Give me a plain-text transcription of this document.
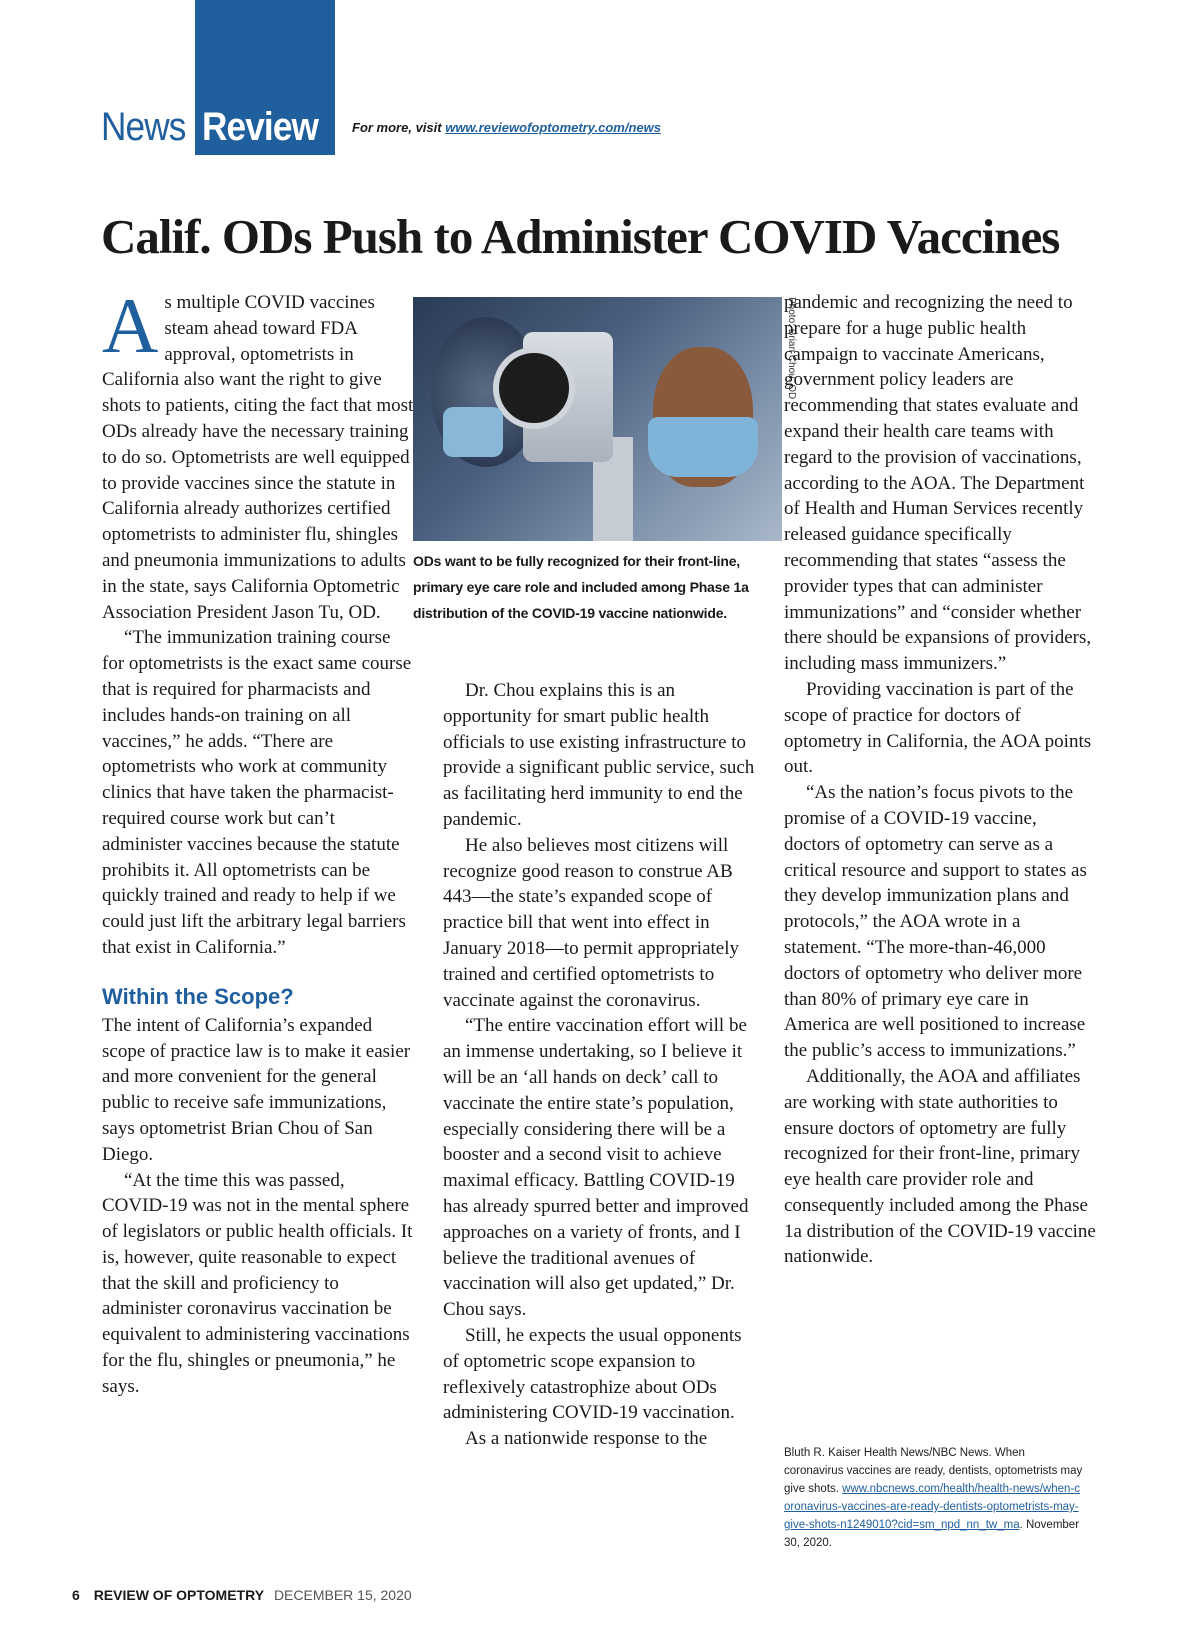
News Review	For more, visit www.reviewofoptometry.com/news
Calif. ODs Push to Administer COVID Vaccines

As multiple COVID vaccines steam ahead toward FDA approval, optometrists in California also want the right to give shots to patients, citing the fact that most ODs already have the necessary training to do so. Optometrists are well equipped to provide vaccines since the statute in California already authorizes certified optometrists to administer flu, shingles and pneumonia immunizations to adults in the state, says California Optometric Association President Jason Tu, OD.

“The immunization training course for optometrists is the exact same course that is required for pharmacists and includes hands-on training on all vaccines,” he adds. “There are optometrists who work at community clinics that have taken the pharmacist-required course work but can’t administer vaccines because the statute prohibits it. All optometrists can be quickly trained and ready to help if we could just lift the arbitrary legal barriers that exist in California.”

Within the Scope?

The intent of California’s expanded scope of practice law is to make it easier and more convenient for the general public to receive safe immunizations, says optometrist Brian Chou of San Diego.

“At the time this was passed, COVID-19 was not in the mental sphere of legislators or public health officials. It is, however, quite reasonable to expect that the skill and proficiency to administer coronavirus vaccination be equivalent to administering vaccinations for the flu, shingles or pneumonia,” he says.

Photo: Brian Chou, OD
ODs want to be fully recognized for their front-line, primary eye care role and included among Phase 1a distribution of the COVID-19 vaccine nationwide.

Dr. Chou explains this is an opportunity for smart public health officials to use existing infrastructure to provide a significant public service, such as facilitating herd immunity to end the pandemic.

He also believes most citizens will recognize good reason to construe AB 443—the state’s expanded scope of practice bill that went into effect in January 2018—to permit appropriately trained and certified optometrists to vaccinate against the coronavirus.

“The entire vaccination effort will be an immense undertaking, so I believe it will be an ‘all hands on deck’ call to vaccinate the entire state’s population, especially considering there will be a booster and a second visit to achieve maximal efficacy. Battling COVID-19 has already spurred better and improved approaches on a variety of fronts, and I believe the traditional avenues of vaccination will also get updated,” Dr. Chou says.

Still, he expects the usual opponents of optometric scope expansion to reflexively catastrophize about ODs administering COVID-19 vaccination.

As a nationwide response to the

pandemic and recognizing the need to prepare for a huge public health campaign to vaccinate Americans, government policy leaders are recommending that states evaluate and expand their health care teams with regard to the provision of vaccinations, according to the AOA. The Department of Health and Human Services recently released guidance specifically recommending that states “assess the provider types that can administer immunizations” and “consider whether there should be expansions of providers, including mass immunizers.”

Providing vaccination is part of the scope of practice for doctors of optometry in California, the AOA points out.

“As the nation’s focus pivots to the promise of a COVID-19 vaccine, doctors of optometry can serve as a critical resource and support to states as they develop immunization plans and protocols,” the AOA wrote in a statement. “The more-than-46,000 doctors of optometry who deliver more than 80% of primary eye care in America are well positioned to increase the public’s access to immunizations.”

Additionally, the AOA and affiliates are working with state authorities to ensure doctors of optometry are fully recognized for their front-line, primary eye health care provider role and consequently included among the Phase 1a distribution of the COVID-19 vaccine nationwide.

Bluth R. Kaiser Health News/NBC News. When coronavirus vaccines are ready, dentists, optometrists may give shots. www.nbcnews.com/health/health-news/when-coronavirus-vaccines-are-ready-dentists-optometrists-may-give-shots-n1249010?cid=sm_npd_nn_tw_ma. November 30, 2020.
6 REVIEW OF OPTOMETRY DECEMBER 15, 2020
